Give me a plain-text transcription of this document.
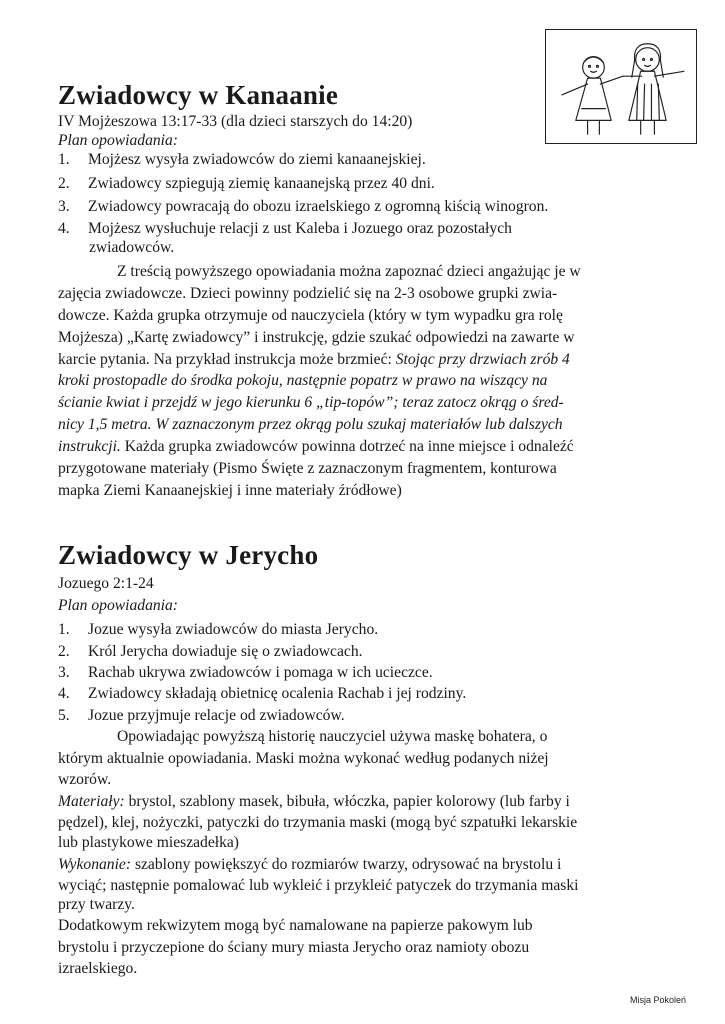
Zwiadowcy w Kanaanie
IV Mojżeszowa 13:17-33 (dla dzieci starszych do 14:20)
Plan opowiadania:
1. Mojżesz wysyła zwiadowców do ziemi kanaanejskiej.
2. Zwiadowcy szpiegują ziemię kanaanejską przez 40 dni.
3. Zwiadowcy powracają do obozu izraelskiego z ogromną kiścią winogron.
4. Mojżesz wysłuchuje relacji z ust Kaleba i Jozuego oraz pozostałych
zwiadowców.
Z treścią powyższego opowiadania można zapoznać dzieci angażując je w
zajęcia zwiadowcze. Dzieci powinny podzielić się na 2-3 osobowe grupki zwia-
dowcze. Każda grupka otrzymuje od nauczyciela (który w tym wypadku gra rolę
Mojżesza) „Kartę zwiadowcy” i instrukcję, gdzie szukać odpowiedzi na zawarte w
karcie pytania. Na przykład instrukcja może brzmieć: Stojąc przy drzwiach zrób 4
kroki prostopadle do środka pokoju, następnie popatrz w prawo na wiszący na
ścianie kwiat i przejdź w jego kierunku 6 „tip-topów”; teraz zatocz okrąg o śred-
nicy 1,5 metra. W zaznaczonym przez okrąg polu szukaj materiałów lub dalszych
instrukcji. Każda grupka zwiadowców powinna dotrzeć na inne miejsce i odnaleźć
przygotowane materiały (Pismo Święte z zaznaczonym fragmentem, konturowa
mapka Ziemi Kanaanejskiej i inne materiały źródłowe)
Zwiadowcy w Jerycho
Jozuego 2:1-24
Plan opowiadania:
1. Jozue wysyła zwiadowców do miasta Jerycho.
2. Król Jerycha dowiaduje się o zwiadowcach.
3. Rachab ukrywa zwiadowców i pomaga w ich ucieczce.
4. Zwiadowcy składają obietnicę ocalenia Rachab i jej rodziny.
5. Jozue przyjmuje relacje od zwiadowców.
Opowiadając powyższą historię nauczyciel używa maskę bohatera, o
którym aktualnie opowiadania. Maski można wykonać według podanych niżej
wzorów.
Materiały: brystol, szablony masek, bibuła, włóczka, papier kolorowy (lub farby i
pędzel), klej, nożyczki, patyczki do trzymania maski (mogą być szpatułki lekarskie
lub plastykowe mieszadełka)
Wykonanie: szablony powiększyć do rozmiarów twarzy, odrysować na brystolu i
wyciąć; następnie pomalować lub wykleić i przykleić patyczek do trzymania maski
przy twarzy.
Dodatkowym rekwizytem mogą być namalowane na papierze pakowym lub
brystolu i przyczepione do ściany mury miasta Jerycho oraz namioty obozu
izraelskiego.
Misja Pokoleń
